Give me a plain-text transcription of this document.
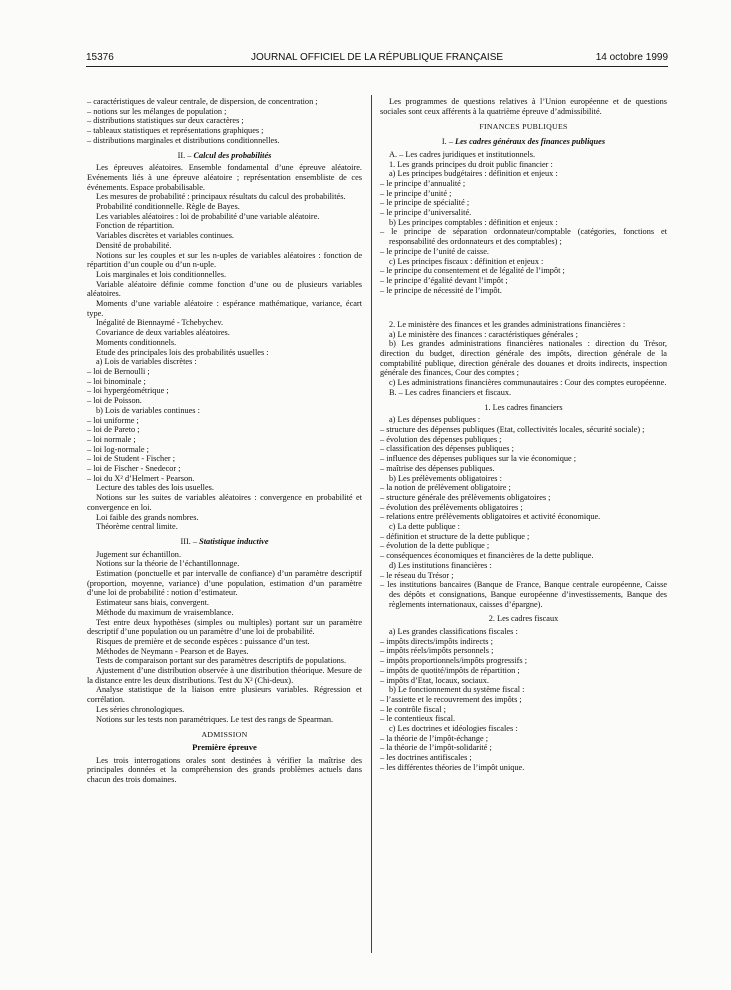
15376	JOURNAL OFFICIEL DE LA RÉPUBLIQUE FRANÇAISE	14 octobre 1999

– caractéristiques de valeur centrale, de dispersion, de concentration ;

– notions sur les mélanges de population ;

– distributions statistiques sur deux caractères ;

– tableaux statistiques et représentations graphiques ;

– distributions marginales et distributions conditionnelles.

II. – Calcul des probabilités

Les épreuves aléatoires. Ensemble fondamental d’une épreuve aléatoire. Evénements liés à une épreuve aléatoire ; représentation ensembliste de ces événements. Espace probabilisable.

Les mesures de probabilité : principaux résultats du calcul des probabilités.

Probabilité conditionnelle. Règle de Bayes.

Les variables aléatoires : loi de probabilité d’une variable aléatoire.

Fonction de répartition.

Variables discrètes et variables continues.

Densité de probabilité.

Notions sur les couples et sur les n-uples de variables aléatoires : fonction de répartition d’un couple ou d’un n-uple.

Lois marginales et lois conditionnelles.

Variable aléatoire définie comme fonction d’une ou de plusieurs variables aléatoires.

Moments d’une variable aléatoire : espérance mathématique, variance, écart type.

Inégalité de Biennaymé - Tchebychev.

Covariance de deux variables aléatoires.

Moments conditionnels.

Etude des principales lois des probabilités usuelles :

a) Lois de variables discrètes :

– loi de Bernoulli ;

– loi binominale ;

– loi hypergéométrique ;

– loi de Poisson.

b) Lois de variables continues :

– loi uniforme ;

– loi de Pareto ;

– loi normale ;

– loi log-normale ;

– loi de Student - Fischer ;

– loi de Fischer - Snedecor ;

– loi du X² d’Helmert - Pearson.

Lecture des tables des lois usuelles.

Notions sur les suites de variables aléatoires : convergence en probabilité et convergence en loi.

Loi faible des grands nombres.

Théorème central limite.

III. – Statistique inductive

Jugement sur échantillon.

Notions sur la théorie de l’échantillonnage.

Estimation (ponctuelle et par intervalle de confiance) d’un paramètre descriptif (proportion, moyenne, variance) d’une population, estimation d’un paramètre d’une loi de probabilité : notion d’estimateur.

Estimateur sans biais, convergent.

Méthode du maximum de vraisemblance.

Test entre deux hypothèses (simples ou multiples) portant sur un paramètre descriptif d’une population ou un paramètre d’une loi de probabilité.

Risques de première et de seconde espèces : puissance d’un test.

Méthodes de Neymann - Pearson et de Bayes.

Tests de comparaison portant sur des paramètres descriptifs de populations.

Ajustement d’une distribution observée à une distribution théorique. Mesure de la distance entre les deux distributions. Test du X² (Chi-deux).

Analyse statistique de la liaison entre plusieurs variables. Régression et corrélation.

Les séries chronologiques.

Notions sur les tests non paramétriques. Le test des rangs de Spearman.

ADMISSION

Première épreuve

Les trois interrogations orales sont destinées à vérifier la maîtrise des principales données et la compréhension des grands problèmes actuels dans chacun des trois domaines.

Les programmes de questions relatives à l’Union européenne et de questions sociales sont ceux afférents à la quatrième épreuve d’admissibilité.

FINANCES PUBLIQUES

I. – Les cadres généraux des finances publiques

A. – Les cadres juridiques et institutionnels.

1. Les grands principes du droit public financier :

a) Les principes budgétaires : définition et enjeux :

– le principe d’annualité ;

– le principe d’unité ;

– le principe de spécialité ;

– le principe d’universalité.

b) Les principes comptables : définition et enjeux :

– le principe de séparation ordonnateur/comptable (catégories, fonctions et responsabilité des ordonnateurs et des comptables) ;

– le principe de l’unité de caisse.

c) Les principes fiscaux : définition et enjeux :

– le principe du consentement et de légalité de l’impôt ;

– le principe d’égalité devant l’impôt ;

– le principe de nécessité de l’impôt.

2. Le ministère des finances et les grandes administrations financières :

a) Le ministère des finances : caractéristiques générales ;

b) Les grandes administrations financières nationales : direction du Trésor, direction du budget, direction générale des impôts, direction générale de la comptabilité publique, direction générale des douanes et droits indirects, inspection générale des finances, Cour des comptes ;

c) Les administrations financières communautaires : Cour des comptes européenne.

B. – Les cadres financiers et fiscaux.

1. Les cadres financiers

a) Les dépenses publiques :

– structure des dépenses publiques (Etat, collectivités locales, sécurité sociale) ;

– évolution des dépenses publiques ;

– classification des dépenses publiques ;

– influence des dépenses publiques sur la vie économique ;

– maîtrise des dépenses publiques.

b) Les prélèvements obligatoires :

– la notion de prélèvement obligatoire ;

– structure générale des prélèvements obligatoires ;

– évolution des prélèvements obligatoires ;

– relations entre prélèvements obligatoires et activité économique.

c) La dette publique :

– définition et structure de la dette publique ;

– évolution de la dette publique ;

– conséquences économiques et financières de la dette publique.

d) Les institutions financières :

– le réseau du Trésor ;

– les institutions bancaires (Banque de France, Banque centrale européenne, Caisse des dépôts et consignations, Banque européenne d’investissements, Banque des règlements internationaux, caisses d’épargne).

2. Les cadres fiscaux

a) Les grandes classifications fiscales :

– impôts directs/impôts indirects ;

– impôts réels/impôts personnels ;

– impôts proportionnels/impôts progressifs ;

– impôts de quotité/impôts de répartition ;

– impôts d’Etat, locaux, sociaux.

b) Le fonctionnement du système fiscal :

– l’assiette et le recouvrement des impôts ;

– le contrôle fiscal ;

– le contentieux fiscal.

c) Les doctrines et idéologies fiscales :

– la théorie de l’impôt-échange ;

– la théorie de l’impôt-solidarité ;

– les doctrines antifiscales ;

– les différentes théories de l’impôt unique.
